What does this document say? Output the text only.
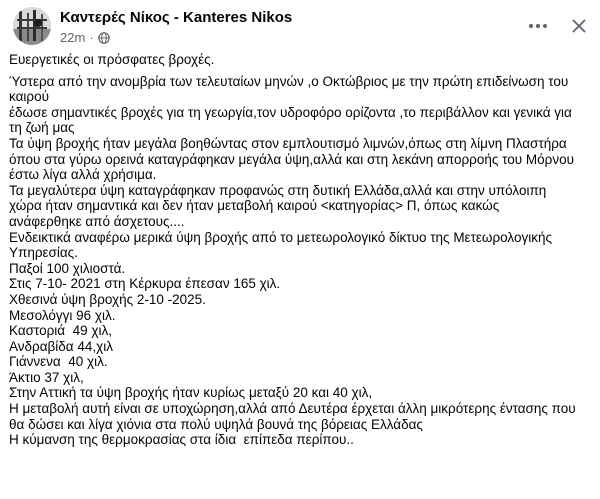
Καντερές Νίκος - Kanteres Nikos
22m ·

Ευεργετικές οι πρόσφατες βροχές.

Ύστερα από την ανομβρία των τελευταίων μηνών ,ο Οκτώβριος με την πρώτη επιδείνωση του

καιρού

έδωσε σημαντικές βροχές για τη γεωργία,τον υδροφόρο ορίζοντα ,το περιβάλλον και γενικά για

τη ζωή μας

Τα ύψη βροχής ήταν μεγάλα βοηθώντας στον εμπλουτισμό λιμνών,όπως στη λίμνη Πλαστήρα

όπου στα γύρω ορεινά καταγράφηκαν μεγάλα ύψη,αλλά και στη λεκάνη απορροής του Μόρνου

έστω λίγα αλλά χρήσιμα.

Τα μεγαλύτερα ύψη καταγράφηκαν προφανώς στη δυτική Ελλάδα,αλλά και στην υπόλοιπη

χώρα ήταν σημαντικά και δεν ήταν μεταβολή καιρού <κατηγορίας> Π, όπως κακώς

ανάφερθηκε από άσχετους....

Ενδεικτικά αναφέρω μερικά ύψη βροχής από το μετεωρολογικό δίκτυο της Μετεωρολογικής

Υπηρεσίας.

Παξοί 100 χιλιοστά.

Στις 7-10- 2021 στη Κέρκυρα έπεσαν 165 χιλ.

Χθεσινά ύψη βροχής 2-10 -2025.

Μεσολόγγι 96 χιλ.

Καστοριά  49 χιλ,

Ανδραβίδα 44,χιλ

Γιάννενα  40 χιλ.

Άκτιο 37 χιλ,

Στην Αττική τα ύψη βροχής ήταν κυρίως μεταξύ 20 και 40 χιλ,

Η μεταβολή αυτή είναι σε υποχώρηση,αλλά από Δευτέρα έρχεται άλλη μικρότερης έντασης που

θα δώσει και λίγα χιόνια στα πολύ υψηλά βουνά της βόρειας Ελλάδας

Η κύμανση της θερμοκρασίας στα ίδια  επίπεδα περίπου..
